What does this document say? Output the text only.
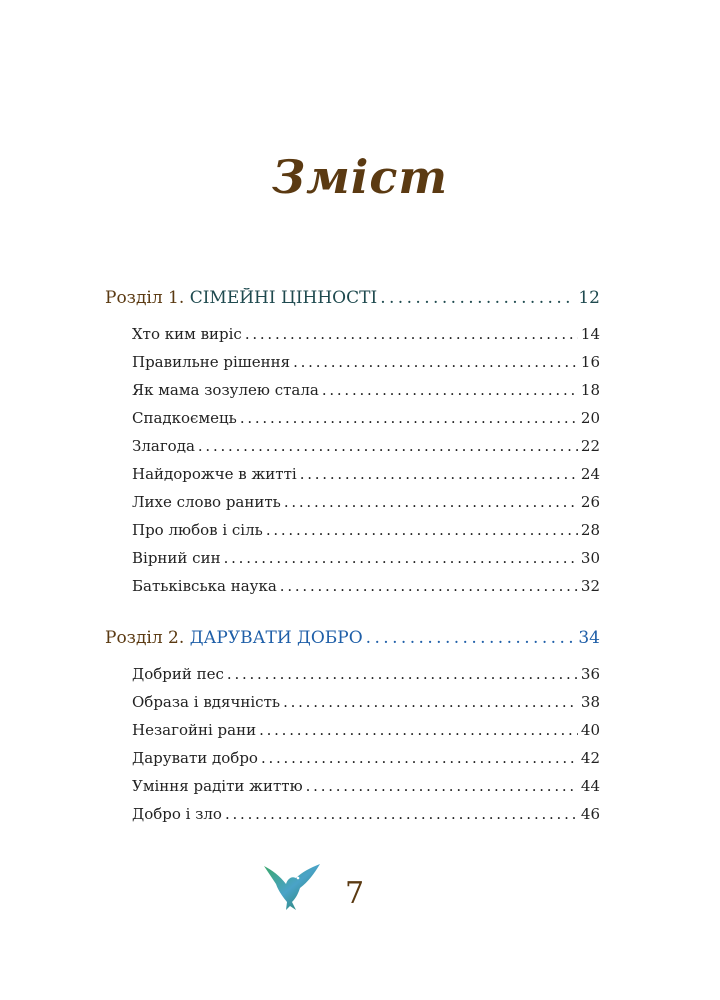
Зміст
Розділ 1. СІМЕЙНІ ЦІННОСТІ . . .	12
Хто ким виріс . . .	14
Правильне рішення . . .	16
Як мама зозулею стала . . .	18
Спадкоємець . . .	20
Злагода . . .	22
Найдорожче в житті . . .	24
Лихе слово ранить . . .	26
Про любов і сіль . . .	28
Вірний син . . .	30
Батьківська наука . . .	32
Розділ 2. ДАРУВАТИ ДОБРО . . .	34
Добрий пес . . .	36
Образа і вдячність . . .	38
Незагойні рани . . .	40
Дарувати добро . . .	42
Уміння радіти життю . . .	44
Добро і зло . . .	46
7
